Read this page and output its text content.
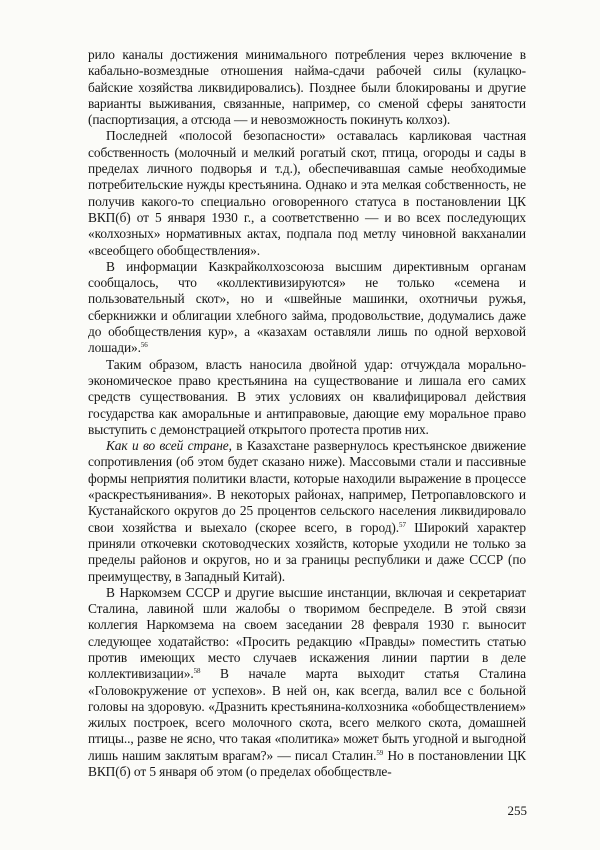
рило каналы достижения минимального потребления через включение в кабально-возмездные отношения найма-сдачи рабочей силы (кулацко-байские хозяйства ликвидировались). Позднее были блокированы и другие варианты выживания, связанные, например, со сменой сферы занятости (паспортизация, а отсюда — и невозможность покинуть колхоз).

Последней «полосой безопасности» оставалась карликовая частная собственность (молочный и мелкий рогатый скот, птица, огороды и сады в пределах личного подворья и т.д.), обеспечивавшая самые необходимые потребительские нужды крестьянина. Однако и эта мелкая собственность, не получив какого-то специально оговоренного статуса в постановлении ЦК ВКП(б) от 5 января 1930 г., а соответственно — и во всех последующих «колхозных» нормативных актах, подпала под метлу чиновной вакханалии «всеобщего обобществления».

В информации Казкрайколхозсоюза высшим директивным органам сообщалось, что «коллективизируются» не только «семена и пользовательный скот», но и «швейные машинки, охотничьи ружья, сберкнижки и облигации хлебного займа, продовольствие, додумались даже до обобществления кур», а «казахам оставляли лишь по одной верховой лошади».$^{56}$

Таким образом, власть наносила двойной удар: отчуждала морально-экономическое право крестьянина на существование и лишала его самих средств существования. В этих условиях он квалифицировал действия государства как аморальные и антиправовые, дающие ему моральное право выступить с демонстрацией открытого протеста против них.

Как и во всей стране, в Казахстане развернулось крестьянское движение сопротивления (об этом будет сказано ниже). Массовыми стали и пассивные формы неприятия политики власти, которые находили выражение в процессе «раскрестьянивания». В некоторых районах, например, Петропавловского и Кустанайского округов до 25 процентов сельского населения ликвидировало свои хозяйства и выехало (скорее всего, в город).$^{57}$ Широкий характер приняли откочевки скотоводческих хозяйств, которые уходили не только за пределы районов и округов, но и за границы республики и даже СССР (по преимуществу, в Западный Китай).

В Наркомзем СССР и другие высшие инстанции, включая и секретариат Сталина, лавиной шли жалобы о творимом беспределе. В этой связи коллегия Наркомзема на своем заседании 28 февраля 1930 г. выносит следующее ходатайство: «Просить редакцию «Правды» поместить статью против имеющих место случаев искажения линии партии в деле коллективизации».$^{58}$ В начале марта выходит статья Сталина «Головокружение от успехов». В ней он, как всегда, валил все с больной головы на здоровую. «Дразнить крестьянина-колхозника «обобществлением» жилых построек, всего молочного скота, всего мелкого скота, домашней птицы.., разве не ясно, что такая «политика» может быть угодной и выгодной лишь нашим заклятым врагам?» — писал Сталин.$^{59}$ Но в постановлении ЦК ВКП(б) от 5 января об этом (о пределах обобществле-

255
